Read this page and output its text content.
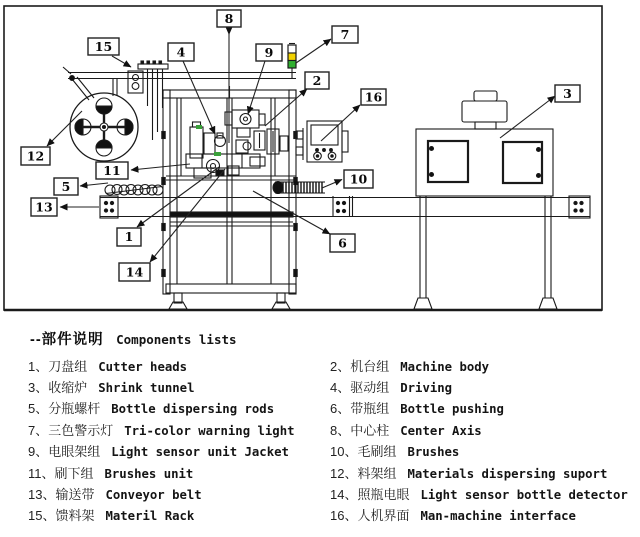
1
2
3
4
5
6
7
8
9
10
11
12
13
14
15
16
--部件说明 Components lists
1、刀盘组 Cutter heads	2、机台组 Machine body
3、收缩炉 Shrink tunnel	4、驱动组 Driving
5、分瓶螺杆 Bottle dispersing rods	6、带瓶组 Bottle pushing
7、三色警示灯 Tri-color warning light	8、中心柱 Center Axis
9、电眼架组 Light sensor unit Jacket	10、毛刷组 Brushes
11、刷下组 Brushes unit	12、料架组 Materials dispersing suport
13、输送带 Conveyor belt	14、照瓶电眼 Light sensor bottle detector
15、馈料架 Materil Rack	16、人机界面 Man-machine interface
